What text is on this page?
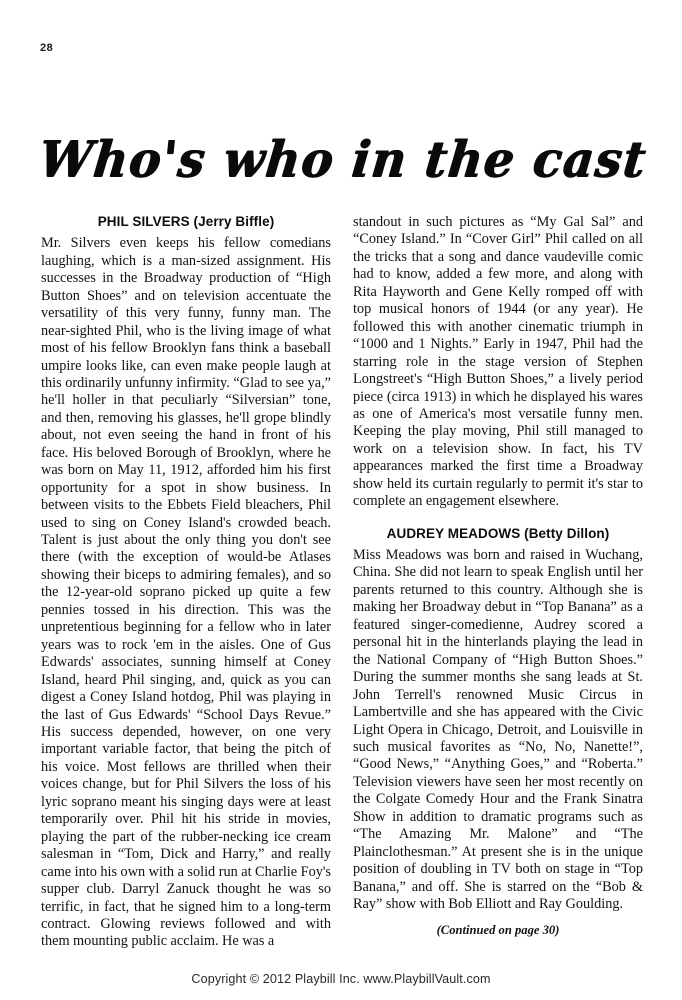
28
Who's who in the cast
PHIL SILVERS (Jerry Biffle)

Mr. Silvers even keeps his fellow comedians laughing, which is a man-sized assignment. His successes in the Broadway production of “High Button Shoes” and on television accentuate the versatility of this very funny, funny man. The near-sighted Phil, who is the living image of what most of his fellow Brooklyn fans think a baseball umpire looks like, can even make people laugh at this ordinarily unfunny infirmity. “Glad to see ya,” he'll holler in that peculiarly “Silversian” tone, and then, removing his glasses, he'll grope blindly about, not even seeing the hand in front of his face. His beloved Borough of Brooklyn, where he was born on May 11, 1912, afforded him his first opportunity for a spot in show business. In between visits to the Ebbets Field bleachers, Phil used to sing on Coney Island's crowded beach. Talent is just about the only thing you don't see there (with the exception of would-be Atlases showing their biceps to admiring females), and so the 12-year-old soprano picked up quite a few pennies tossed in his direction. This was the unpretentious beginning for a fellow who in later years was to rock 'em in the aisles. One of Gus Edwards' associates, sunning himself at Coney Island, heard Phil singing, and, quick as you can digest a Coney Island hotdog, Phil was playing in the last of Gus Edwards' “School Days Revue.” His success depended, however, on one very important variable factor, that being the pitch of his voice. Most fellows are thrilled when their voices change, but for Phil Silvers the loss of his lyric soprano meant his singing days were at least temporarily over. Phil hit his stride in movies, playing the part of the rubber-necking ice cream salesman in “Tom, Dick and Harry,” and really came into his own with a solid run at Charlie Foy's supper club. Darryl Zanuck thought he was so terrific, in fact, that he signed him to a long-term contract. Glowing reviews followed and with them mounting public acclaim. He was a

standout in such pictures as “My Gal Sal” and “Coney Island.” In “Cover Girl” Phil called on all the tricks that a song and dance vaudeville comic had to know, added a few more, and along with Rita Hayworth and Gene Kelly romped off with top musical honors of 1944 (or any year). He followed this with another cinematic triumph in “1000 and 1 Nights.” Early in 1947, Phil had the starring role in the stage version of Stephen Longstreet's “High Button Shoes,” a lively period piece (circa 1913) in which he displayed his wares as one of America's most versatile funny men. Keeping the play moving, Phil still managed to work on a television show. In fact, his TV appearances marked the first time a Broadway show held its curtain regularly to permit it's star to complete an engagement elsewhere.

AUDREY MEADOWS (Betty Dillon)

Miss Meadows was born and raised in Wuchang, China. She did not learn to speak English until her parents returned to this country. Although she is making her Broadway debut in “Top Banana” as a featured singer-comedienne, Audrey scored a personal hit in the hinterlands playing the lead in the National Company of “High Button Shoes.” During the summer months she sang leads at St. John Terrell's renowned Music Circus in Lambertville and she has appeared with the Civic Light Opera in Chicago, Detroit, and Louisville in such musical favorites as “No, No, Nanette!”, “Good News,” “Anything Goes,” and “Roberta.” Television viewers have seen her most recently on the Colgate Comedy Hour and the Frank Sinatra Show in addition to dramatic programs such as “The Amazing Mr. Malone” and “The Plainclothesman.” At present she is in the unique position of doubling in TV both on stage in “Top Banana,” and off. She is starred on the “Bob & Ray” show with Bob Elliott and Ray Goulding.

(Continued on page 30)
Copyright © 2012 Playbill Inc. www.PlaybillVault.com
